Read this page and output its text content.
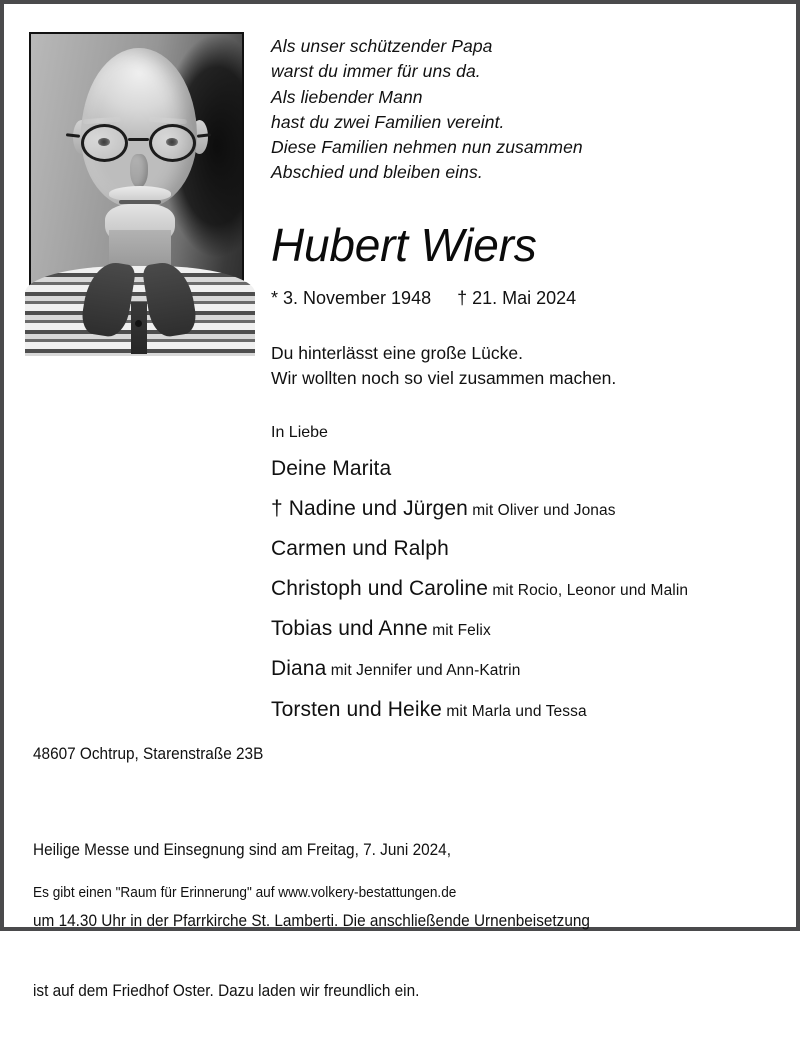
Als unser schützender Papa
warst du immer für uns da.
Als liebender Mann
hast du zwei Familien vereint.
Diese Familien nehmen nun zusammen
Abschied und bleiben eins.
Hubert Wiers
* 3. November 1948 † 21. Mai 2024
Du hinterlässt eine große Lücke.
Wir wollten noch so viel zusammen machen.
In Liebe
Deine Marita
† Nadine und Jürgen mit Oliver und Jonas
Carmen und Ralph
Christoph und Caroline mit Rocio, Leonor und Malin
Tobias und Anne mit Felix
Diana mit Jennifer und Ann-Katrin
Torsten und Heike mit Marla und Tessa
48607 Ochtrup, Starenstraße 23B

Heilige Messe und Einsegnung sind am Freitag, 7. Juni 2024,

um 14.30 Uhr in der Pfarrkirche St. Lamberti. Die anschließende Urnenbeisetzung

ist auf dem Friedhof Oster. Dazu laden wir freundlich ein.

Es gibt einen "Raum für Erinnerung" auf www.volkery-bestattungen.de
